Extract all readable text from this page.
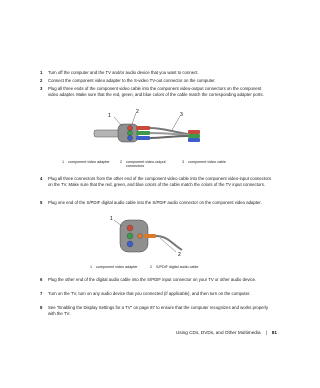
1 Turn off the computer and the TV and/or audio device that you want to connect.
2 Connect the component video adapter to the S-video TV-out connector on the computer.
3 Plug all three ends of the component video cable into the component video-output connectors on the component video adapter. Make sure that the red, green, and blue colors of the cable match the corresponding adapter ports.
1
2	3
1 component video adapter	2 component video-output
connectors
3 component video cable
4 Plug all three connectors from the other end of the component video cable into the component video-input connectors on the TV. Make sure that the red, green, and blue colors of the cable match the colors of the TV input connectors.
5 Plug one end of the S/PDIF digital audio cable into the S/PDIF audio connector on the component video adapter.
1
2
1 component video adapter	2 S/PDIF digital audio cable
6 Plug the other end of the digital audio cable into the S/PDIF input connector on your TV or other audio device.
7 Turn on the TV, turn on any audio device that you connected (if applicable), and then turn on the computer.
8 See "Enabling the Display Settings for a TV" on page 87 to ensure that the computer recognizes and works properly with the TV.
Using CDs, DVDs, and Other Multimedia | 81
